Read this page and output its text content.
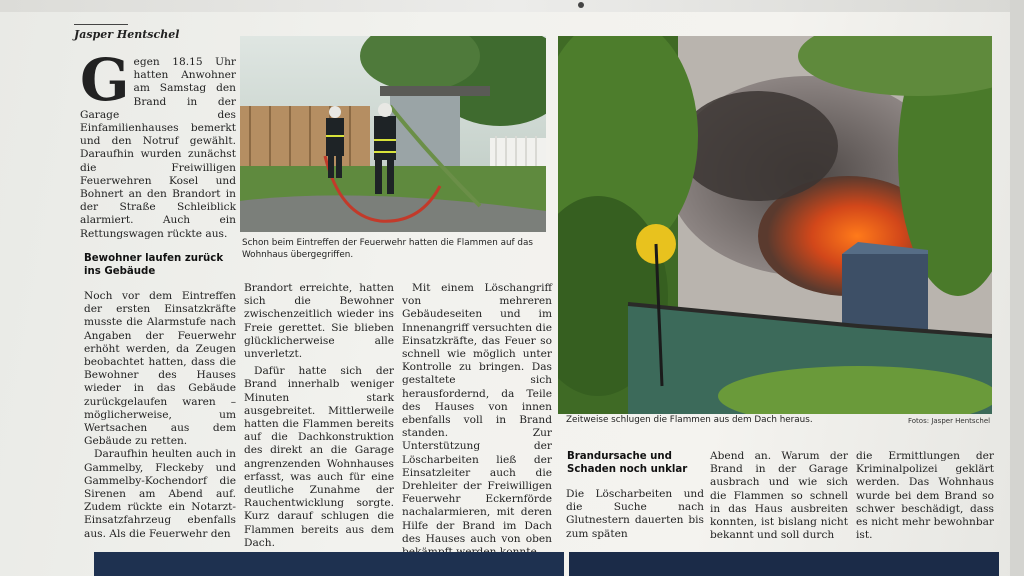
Jasper Hentschel
G egen 18.15 Uhr hatten Anwohner am Samstag den Brand in der Garage des Einfamilienhauses bemerkt und den Notruf gewählt. Daraufhin wurden zunächst die Freiwilligen Feuerwehren Kosel und Bohnert an den Brandort in der Straße Schleiblick alarmiert. Auch ein Rettungswagen rückte aus.
Bewohner laufen zurück ins Gebäude

Noch vor dem Eintreffen der ersten Einsatzkräfte musste die Alarmstufe nach Angaben der Feuerwehr erhöht werden, da Zeugen beobachtet hatten, dass die Bewohner des Hauses wieder in das Gebäude zurückgelaufen waren – möglicherweise, um Wertsachen aus dem Gebäude zu retten.

Daraufhin heulten auch in Gammelby, Fleckeby und Gammelby-Kochendorf die Sirenen am Abend auf. Zudem rückte ein Notarzt-Einsatzfahrzeug ebenfalls aus. Als die Feuerwehr den

Schon beim Eintreffen der Feuerwehr hatten die Flammen auf das Wohnhaus übergegriffen.

Brandort erreichte, hatten sich die Bewohner zwischenzeitlich wieder ins Freie gerettet. Sie blieben glücklicherweise alle unverletzt.

Dafür hatte sich der Brand innerhalb weniger Minuten stark ausgebreitet. Mittlerweile hatten die Flammen bereits auf die Dachkonstruktion des direkt an die Garage angrenzenden Wohnhauses erfasst, was auch für eine deutliche Zunahme der Rauchentwicklung sorgte. Kurz darauf schlugen die Flammen bereits aus dem Dach.

Mit einem Löschangriff von mehreren Gebäudeseiten und im Innenangriff versuchten die Einsatzkräfte, das Feuer so schnell wie möglich unter Kontrolle zu bringen. Das gestaltete sich herausfordernd, da Teile des Hauses von innen ebenfalls voll in Brand standen. Zur Unterstützung der Löscharbeiten ließ der Einsatzleiter auch die Drehleiter der Freiwilligen Feuerwehr Eckernförde nachalarmieren, mit deren Hilfe der Brand im Dach des Hauses auch von oben

Zeitweise schlugen die Flammen aus dem Dach heraus.	Fotos: Jasper Hentschel
Brandursache und Schaden noch unklar

Die Löscharbeiten und die Suche nach Glutnestern dauerten bis zum späten

Abend an. Warum der Brand in der Garage ausbrach und wie sich die Flammen so schnell in das Haus ausbreiten konnten, ist bislang nicht bekannt und soll durch

die Ermittlungen der Kriminalpolizei geklärt werden. Das Wohnhaus wurde bei dem Brand so schwer beschädigt, dass es nicht mehr bewohnbar ist.
